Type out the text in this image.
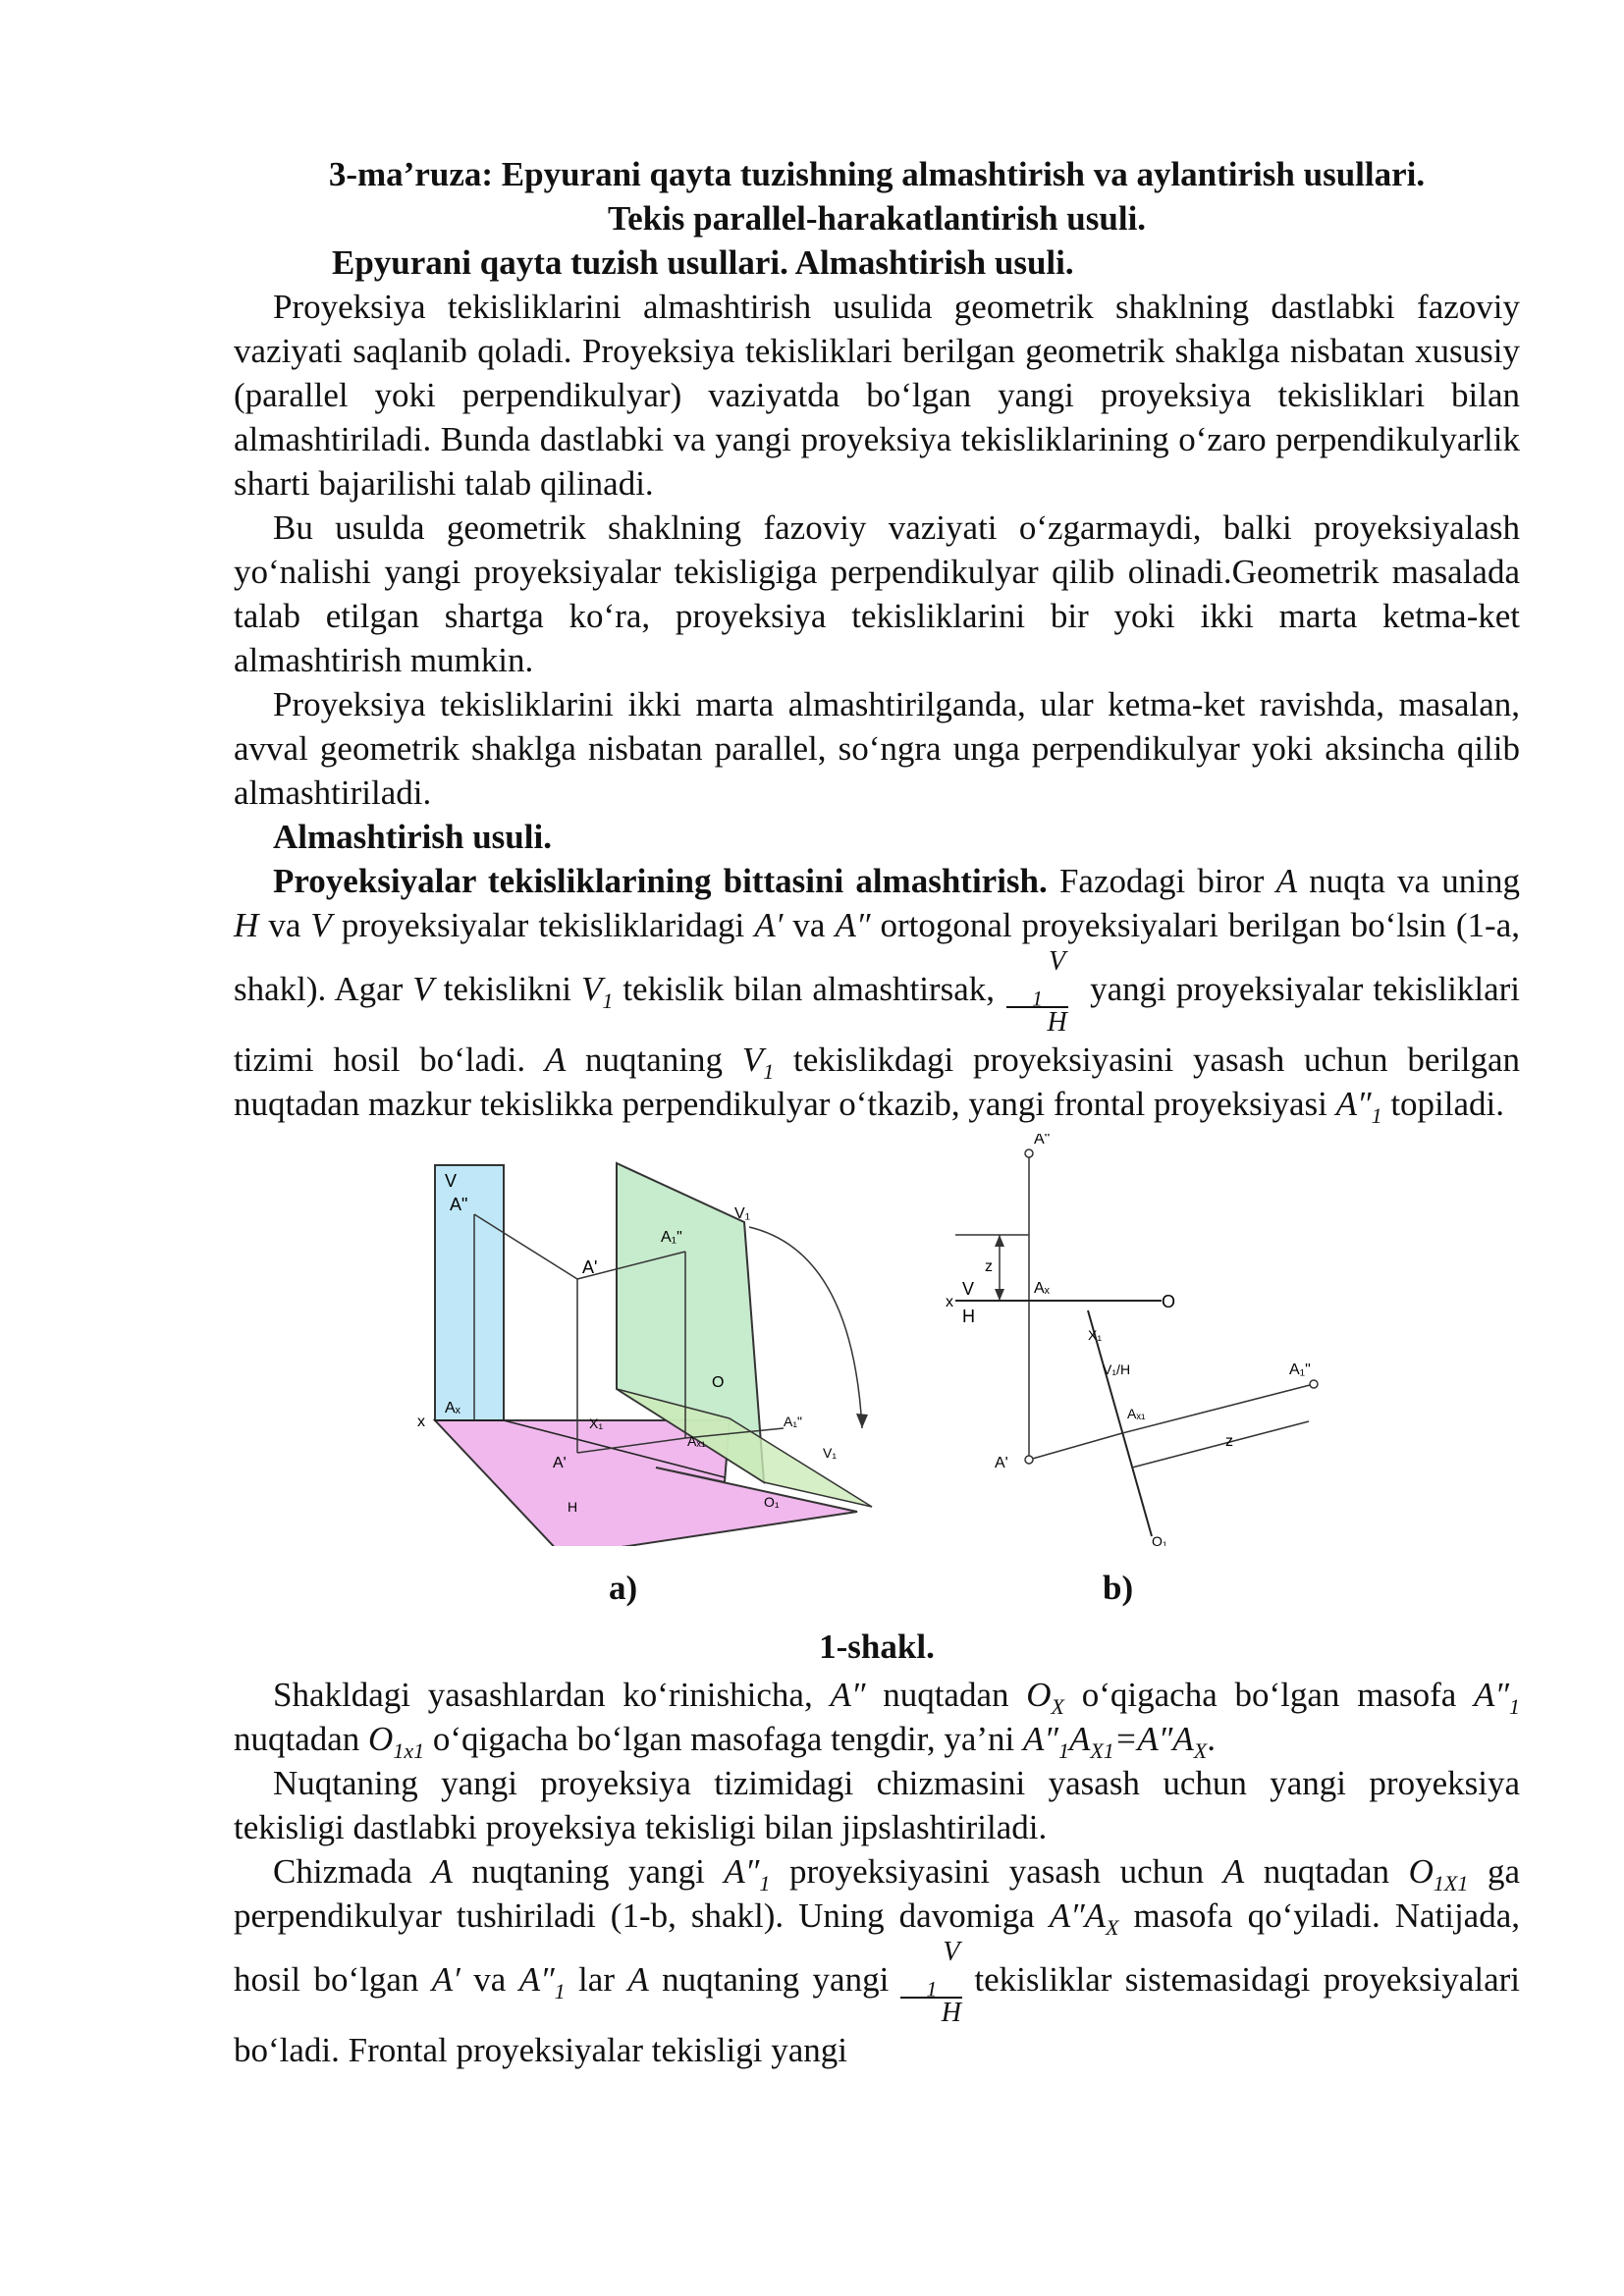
3-ma’ruza: Epyurani qayta tuzishning almashtirish va aylantirish usullari.
Tekis parallel-harakatlantirish usuli.
Epyurani qayta tuzish usullari. Almashtirish usuli.

Proyeksiya tekisliklarini almashtirish usulida geometrik shaklning dastlabki fazoviy vaziyati saqlanib qoladi. Proyeksiya tekisliklari berilgan geometrik shaklga nisbatan xususiy (parallel yoki perpendikulyar) vaziyatda bo‘lgan yangi proyeksiya tekisliklari bilan almashtiriladi. Bunda dastlabki va yangi proyeksiya tekisliklarining o‘zaro perpendikulyarlik sharti bajarilishi talab qilinadi.

Bu usulda geometrik shaklning fazoviy vaziyati o‘zgarmaydi, balki proyeksiyalash yo‘nalishi yangi proyeksiyalar tekisligiga perpendikulyar qilib olinadi.Geometrik masalada talab etilgan shartga ko‘ra, proyeksiya tekisliklarini bir yoki ikki marta ketma-ket almashtirish mumkin.

Proyeksiya tekisliklarini ikki marta almashtirilganda, ular ketma-ket ravishda, masalan, avval geometrik shaklga nisbatan parallel, so‘ngra unga perpendikulyar yoki aksincha qilib almashtiriladi.

Almashtirish usuli.

Proyeksiyalar tekisliklarining bittasini almashtirish. Fazodagi biror A nuqta va uning H va V proyeksiyalar tekisliklaridagi A′ va A″ ortogonal proyeksiyalari berilgan bo‘lsin (1-a, shakl). Agar V tekislikni $V_1$ tekislik bilan almashtirsak, V
$_1$
H yangi proyeksiyalar tekisliklari tizimi hosil bo‘ladi. A nuqtaning $V_1$ tekislikdagi proyeksiyasini yasash uchun berilgan nuqtadan mazkur tekislikka perpendikulyar o‘tkazib, yangi frontal proyeksiyasi $A''_1$ topiladi.

V
A"
Aₓ
x
A'
A₁"
V₁
O
X₁
Aₓ₁
A₁"
V₁
A'
H	O₁
A"
z
x
V
H
Aₓ
O
X₁
V₁/H	A₁"
Aₓ₁
A'
z
O₁
a)	b)
1-shakl.

Shakldagi yasashlardan ko‘rinishicha, A″ nuqtadan $O_X$ o‘qigacha bo‘lgan masofa $A''_1$ nuqtadan $O_{1x1}$ o‘qigacha bo‘lgan masofaga tengdir, ya’ni $A''_1A_{X1}=A''A_X$.

Nuqtaning yangi proyeksiya tizimidagi chizmasini yasash uchun yangi proyeksiya tekisligi dastlabki proyeksiya tekisligi bilan jipslashtiriladi.

Chizmada A nuqtaning yangi $A''_1$ proyeksiyasini yasash uchun A nuqtadan $O_{1X1}$ ga perpendikulyar tushiriladi (1-b, shakl). Uning davomiga $A''A_X$ masofa qo‘yiladi. Natijada, hosil bo‘lgan A′ va $A''_1$ lar A nuqtaning yangi V
$_1$
H tekisliklar sistemasidagi proyeksiyalari bo‘ladi. Frontal proyeksiyalar tekisligi yangi
